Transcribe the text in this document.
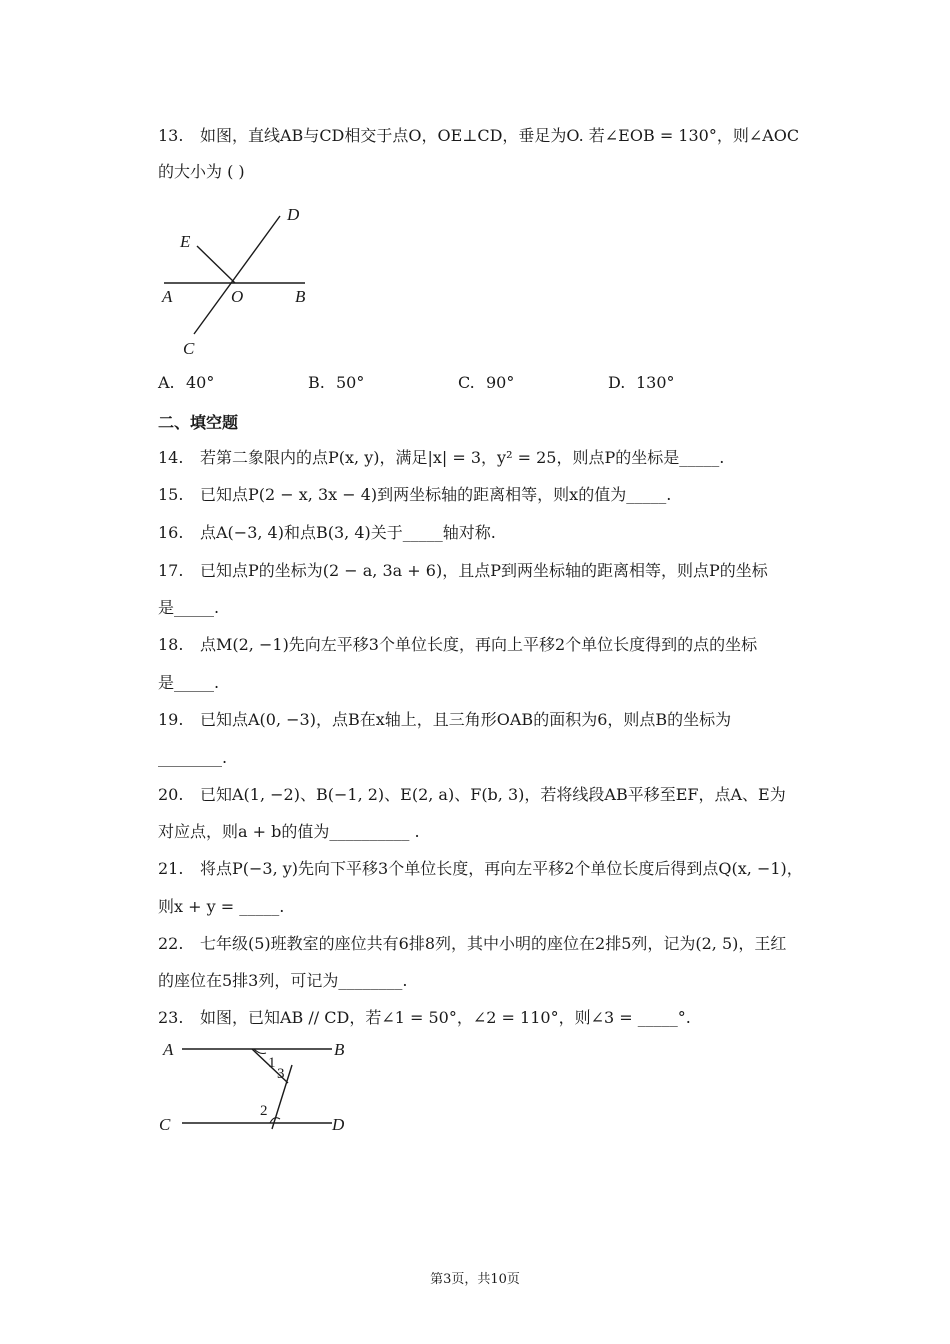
13. 如图，直线AB与CD相交于点O，OE⊥CD，垂足为O. 若∠EOB = 130°，则∠AOC
的大小为 ( )
D
E
A	O	B
C
A. 40°	B. 50°	C. 90°	D. 130°
二、填空题
14. 若第二象限内的点P(x, y)，满足|x| = 3，y² = 25，则点P的坐标是_____.
15. 已知点P(2 − x, 3x − 4)到两坐标轴的距离相等，则x的值为_____.
16. 点A(−3, 4)和点B(3, 4)关于_____轴对称.
17. 已知点P的坐标为(2 − a, 3a + 6)，且点P到两坐标轴的距离相等，则点P的坐标
是_____.
18. 点M(2, −1)先向左平移3个单位长度，再向上平移2个单位长度得到的点的坐标
是_____.
19. 已知点A(0, −3)，点B在x轴上，且三角形OAB的面积为6，则点B的坐标为
________.
20. 已知A(1, −2)、B(−1, 2)、E(2, a)、F(b, 3)，若将线段AB平移至EF，点A、E为
对应点，则a + b的值为__________ .
21. 将点P(−3, y)先向下平移3个单位长度，再向左平移2个单位长度后得到点Q(x, −1)，
则x + y = _____.
22. 七年级(5)班教室的座位共有6排8列，其中小明的座位在2排5列，记为(2, 5)，王红
的座位在5排3列，可记为________.
23. 如图，已知AB // CD，若∠1 = 50°，∠2 = 110°，则∠3 = _____°.
A	B
C	D
1
3
2
第3页，共10页
